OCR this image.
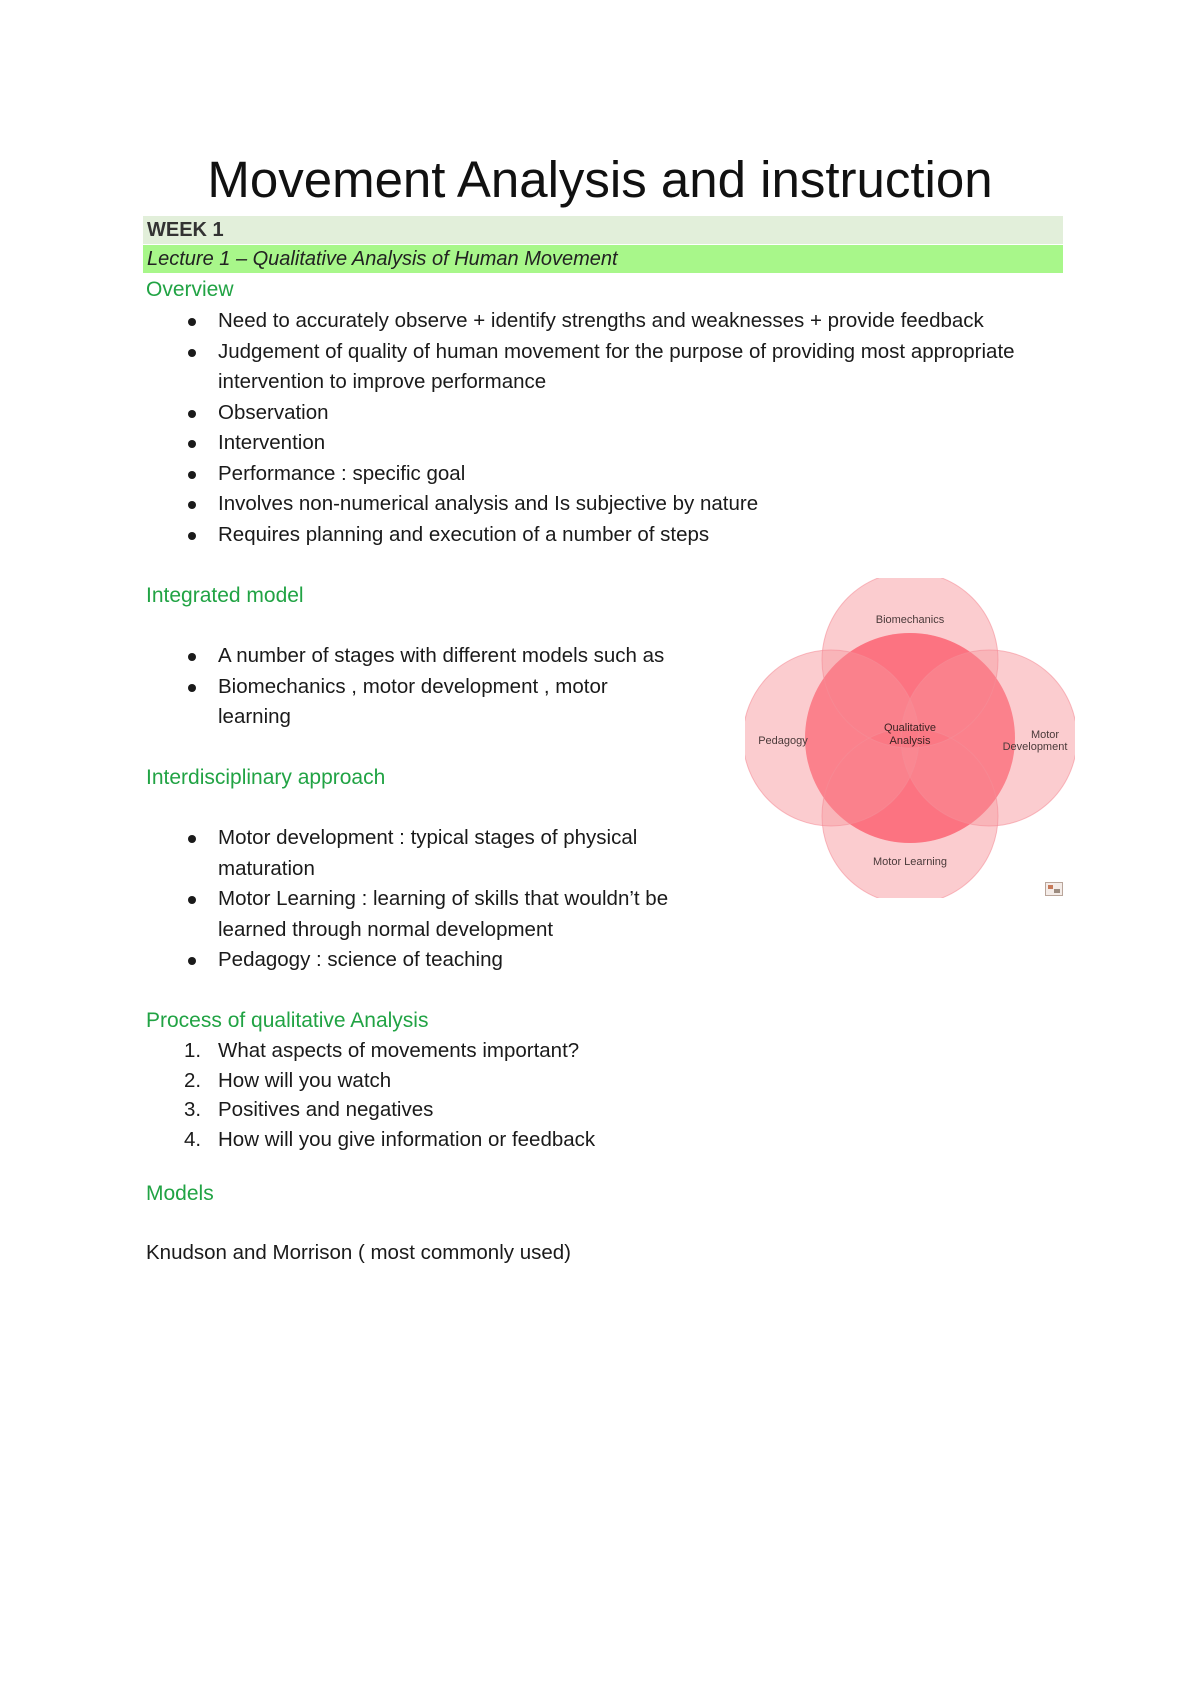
Movement Analysis and instruction
WEEK 1
Lecture 1 – Qualitative Analysis of Human Movement
Overview
Need to accurately observe + identify strengths and weaknesses + provide feedback
Judgement of quality of human movement for the purpose of providing most appropriate intervention to improve performance
Observation
Intervention
Performance : specific goal
Involves non-numerical analysis and Is subjective by nature
Requires planning and execution of a number of steps
Integrated model
A number of stages with different models such as
Biomechanics , motor development , motor learning
Interdisciplinary approach
Motor development : typical stages of physical maturation
Motor Learning : learning of skills that wouldn’t be learned through normal development
Pedagogy : science of teaching
Process of qualitative Analysis
1. What aspects of movements important?
2. How will you watch
3. Positives and negatives
4. How will you give information or feedback
Models
Knudson and Morrison ( most commonly used)
Biomechanics
Pedagogy	Motor
Development
Motor Learning
Qualitative
Analysis
